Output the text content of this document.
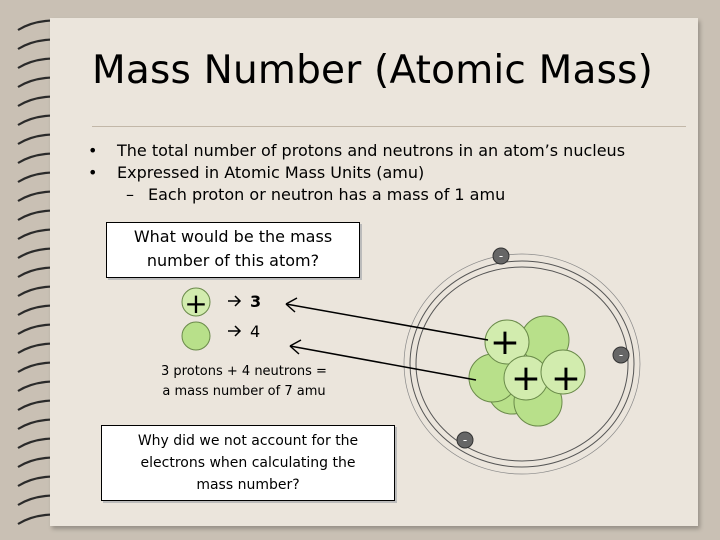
Mass Number (Atomic Mass)
• The total number of protons and neutrons in an atom’s nucleus
• Expressed in Atomic Mass Units (amu)
– Each proton or neutron has a mass of 1 amu
What would be the mass
number of this atom?
+
+ +
-
-
-
+	3
4
3 protons + 4 neutrons =
a mass number of 7 amu
Why did we not account for the
electrons when calculating the
mass number?
